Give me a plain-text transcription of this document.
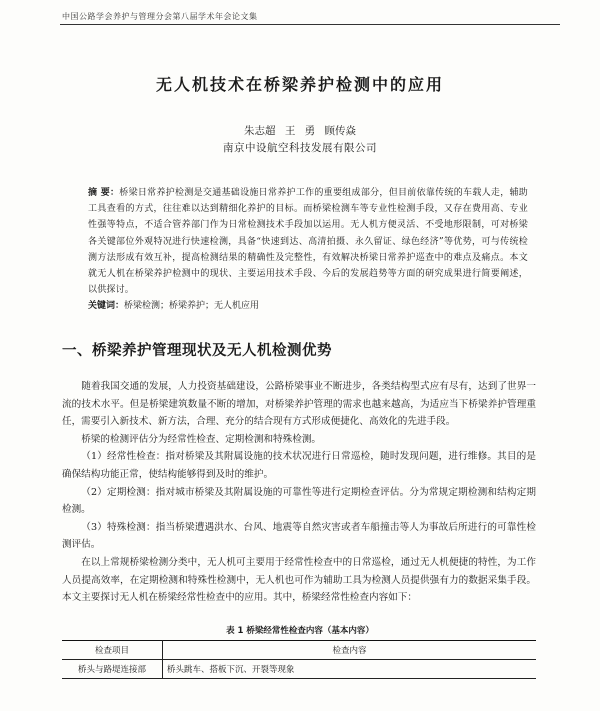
中国公路学会养护与管理分会第八届学术年会论文集
无人机技术在桥梁养护检测中的应用
朱志超 王 勇 顾传焱
南京中设航空科技发展有限公司
摘 要：桥梁日常养护检测是交通基础设施日常养护工作的重要组成部分，但目前依靠传统的车载人走，辅助工具查看的方式，往往难以达到精细化养护的目标。而桥梁检测车等专业性检测手段，又存在费用高、专业性强等特点，不适合管养部门作为日常检测技术手段加以运用。无人机方便灵活、不受地形限制，可对桥梁各关键部位外观特况进行快速检测，具备“快速到达、高清拍摄、永久留证、绿色经济”等优势，可与传统检测方法形成有效互补，提高检测结果的精确性及完整性，有效解决桥梁日常养护巡查中的难点及痛点。本文就无人机在桥梁养护检测中的现状、主要运用技术手段、今后的发展趋势等方面的研究成果进行简要阐述，以供探讨。
关键词：桥梁检测；桥梁养护；无人机应用
一、桥梁养护管理现状及无人机检测优势

随着我国交通的发展，人力投资基础建设，公路桥梁事业不断进步，各类结构型式应有尽有，达到了世界一流的技术水平。但是桥梁建筑数量不断的增加，对桥梁养护管理的需求也越来越高，为适应当下桥梁养护管理重任，需要引入新技术、新方法，合理、充分的结合现有方式形成便捷化、高效化的先进手段。

桥梁的检测评估分为经常性检查、定期检测和特殊检测。

（1）经常性检查：指对桥梁及其附属设施的技术状况进行日常巡检，随时发现问题，进行维修。其目的是确保结构功能正常，使结构能够得到及时的维护。

（2）定期检测：指对城市桥梁及其附属设施的可靠性等进行定期检查评估。分为常规定期检测和结构定期检测。

（3）特殊检测：指当桥梁遭遇洪水、台风、地震等自然灾害或者车船撞击等人为事故后所进行的可靠性检测评估。

在以上常规桥梁检测分类中，无人机可主要用于经常性检查中的日常巡检，通过无人机便捷的特性，为工作人员提高效率，在定期检测和特殊性检测中，无人机也可作为辅助工具为检测人员提供强有力的数据采集手段。本文主要探讨无人机在桥梁经常性检查中的应用。其中，桥梁经常性检查内容如下：

表 1 桥梁经常性检查内容（基本内容）
检查项目	检查内容
桥头与路堤连接部	桥头跳车、搭板下沉、开裂等现象
